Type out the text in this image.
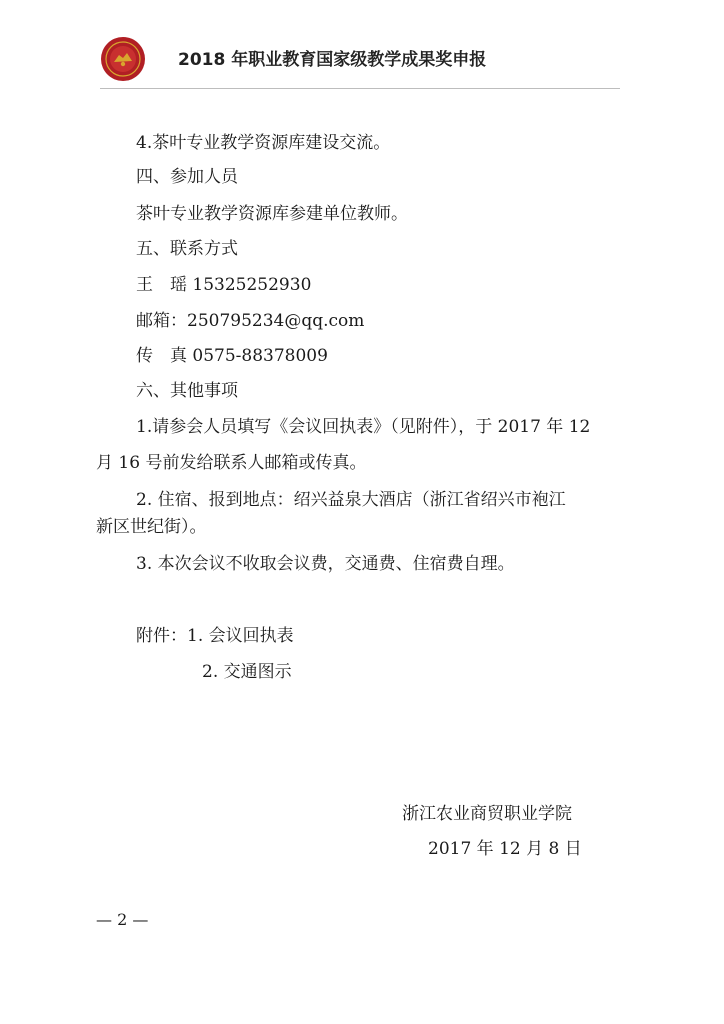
2018 年职业教育国家级教学成果奖申报
4.茶叶专业教学资源库建设交流。
四、参加人员
茶叶专业教学资源库参建单位教师。
五、联系方式
王　瑶 15325252930
邮箱：250795234@qq.com
传　真 0575-88378009
六、其他事项
1.请参会人员填写《会议回执表》（见附件），于 2017 年 12
月 16 号前发给联系人邮箱或传真。
2. 住宿、报到地点：绍兴益泉大酒店（浙江省绍兴市袍江
新区世纪街）。
3. 本次会议不收取会议费，交通费、住宿费自理。
附件：1. 会议回执表
2. 交通图示
浙江农业商贸职业学院
2017 年 12 月 8 日
— 2 —
